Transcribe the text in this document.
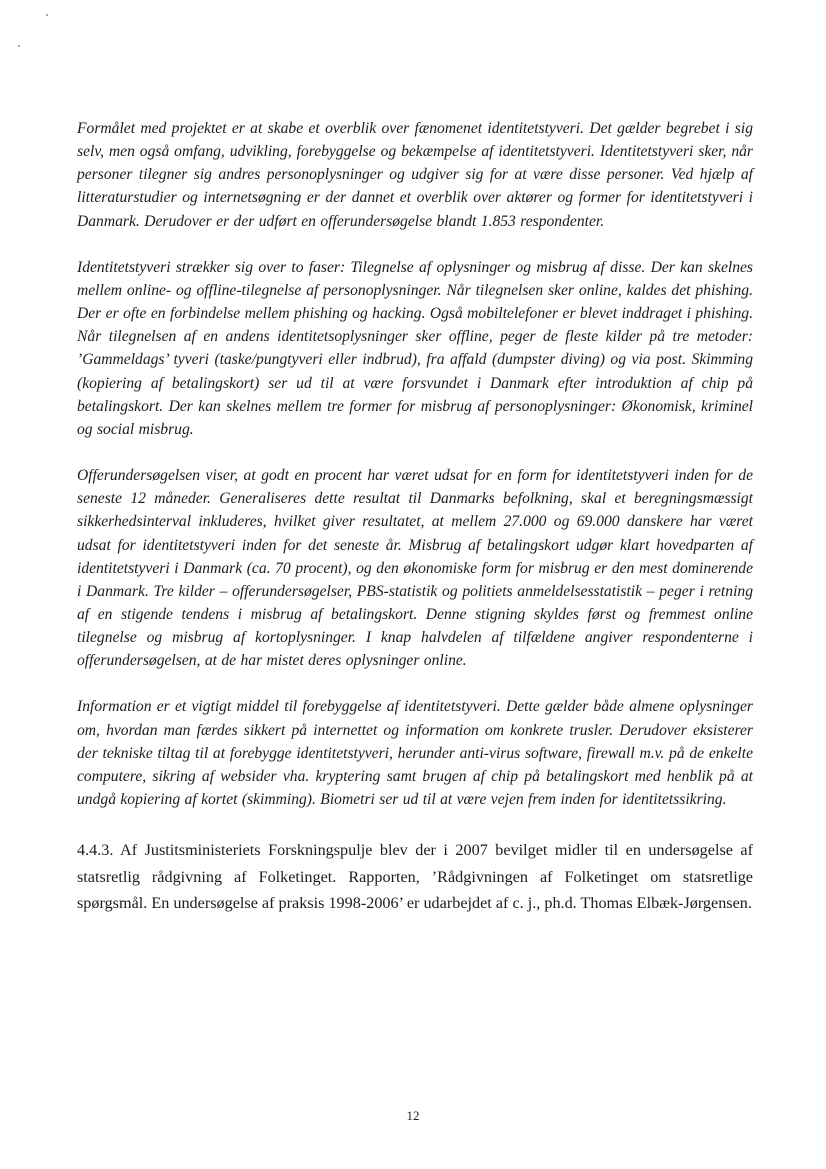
Formålet med projektet er at skabe et overblik over fænomenet identitetstyveri. Det gælder begrebet i sig selv, men også omfang, udvikling, forebyggelse og bekæmpelse af identitetstyveri. Identitetstyveri sker, når personer tilegner sig andres personoplysninger og udgiver sig for at være disse personer. Ved hjælp af litteraturstudier og internetsøgning er der dannet et overblik over aktører og former for identitetstyveri i Danmark. Derudover er der udført en offerundersøgelse blandt 1.853 respondenter.

Identitetstyveri strækker sig over to faser: Tilegnelse af oplysninger og misbrug af disse. Der kan skelnes mellem online- og offline-tilegnelse af personoplysninger. Når tilegnelsen sker online, kaldes det phishing. Der er ofte en forbindelse mellem phishing og hacking. Også mobiltelefoner er blevet inddraget i phishing. Når tilegnelsen af en andens identitetsoplysninger sker offline, peger de fleste kilder på tre metoder: ’Gammeldags’ tyveri (taske/pungtyveri eller indbrud), fra affald (dumpster diving) og via post. Skimming (kopiering af betalingskort) ser ud til at være forsvundet i Danmark efter introduktion af chip på betalingskort. Der kan skelnes mellem tre former for misbrug af personoplysninger: Økonomisk, kriminel og social misbrug.

Offerundersøgelsen viser, at godt en procent har været udsat for en form for identitetstyveri inden for de seneste 12 måneder. Generaliseres dette resultat til Danmarks befolkning, skal et beregningsmæssigt sikkerhedsinterval inkluderes, hvilket giver resultatet, at mellem 27.000 og 69.000 danskere har været udsat for identitetstyveri inden for det seneste år. Misbrug af betalingskort udgør klart hovedparten af identitetstyveri i Danmark (ca. 70 procent), og den økonomiske form for misbrug er den mest dominerende i Danmark. Tre kilder – offerundersøgelser, PBS-statistik og politiets anmeldelsesstatistik – peger i retning af en stigende tendens i misbrug af betalingskort. Denne stigning skyldes først og fremmest online tilegnelse og misbrug af kortoplysninger. I knap halvdelen af tilfældene angiver respondenterne i offerundersøgelsen, at de har mistet deres oplysninger online.

Information er et vigtigt middel til forebyggelse af identitetstyveri. Dette gælder både almene oplysninger om, hvordan man færdes sikkert på internettet og information om konkrete trusler. Derudover eksisterer der tekniske tiltag til at forebygge identitetstyveri, herunder anti-virus software, firewall m.v. på de enkelte computere, sikring af websider vha. kryptering samt brugen af chip på betalingskort med henblik på at undgå kopiering af kortet (skimming). Biometri ser ud til at være vejen frem inden for identitetssikring.

4.4.3. Af Justitsministeriets Forskningspulje blev der i 2007 bevilget midler til en undersøgelse af statsretlig rådgivning af Folketinget. Rapporten, ’Rådgivningen af Folketinget om statsretlige spørgsmål. En undersøgelse af praksis 1998-2006’ er udarbejdet af c. j., ph.d. Thomas Elbæk-Jørgensen.

12
